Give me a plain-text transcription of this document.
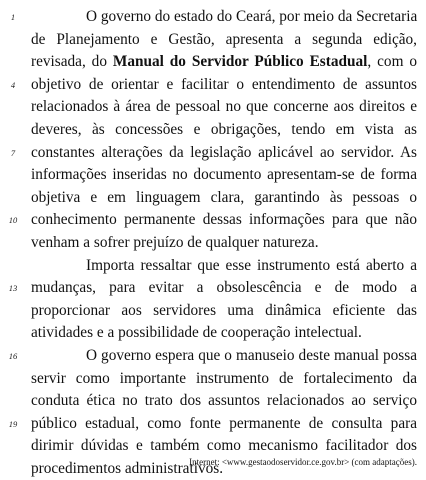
1	O governo do estado do Ceará, por meio da Secretaria
de Planejamento e Gestão, apresenta a segunda edição,
revisada, do Manual do Servidor Público Estadual, com o
4	objetivo de orientar e facilitar o entendimento de assuntos
relacionados à área de pessoal no que concerne aos direitos e
deveres, às concessões e obrigações, tendo em vista as
7	constantes alterações da legislação aplicável ao servidor. As
informações inseridas no documento apresentam-se de forma
objetiva e em linguagem clara, garantindo às pessoas o
10 conhecimento permanente dessas informações para que não
venham a sofrer prejuízo de qualquer natureza.
Importa ressaltar que esse instrumento está aberto a
13 mudanças, para evitar a obsolescência e de modo a
proporcionar aos servidores uma dinâmica eficiente das
atividades e a possibilidade de cooperação intelectual.
16	O governo espera que o manuseio deste manual possa
servir como importante instrumento de fortalecimento da
conduta ética no trato dos assuntos relacionados ao serviço
19 público estadual, como fonte permanente de consulta para
dirimir dúvidas e também como mecanismo facilitador dos
procedimentos administrativos.
Internet: <www.gestaodoservidor.ce.gov.br> (com adaptações).
